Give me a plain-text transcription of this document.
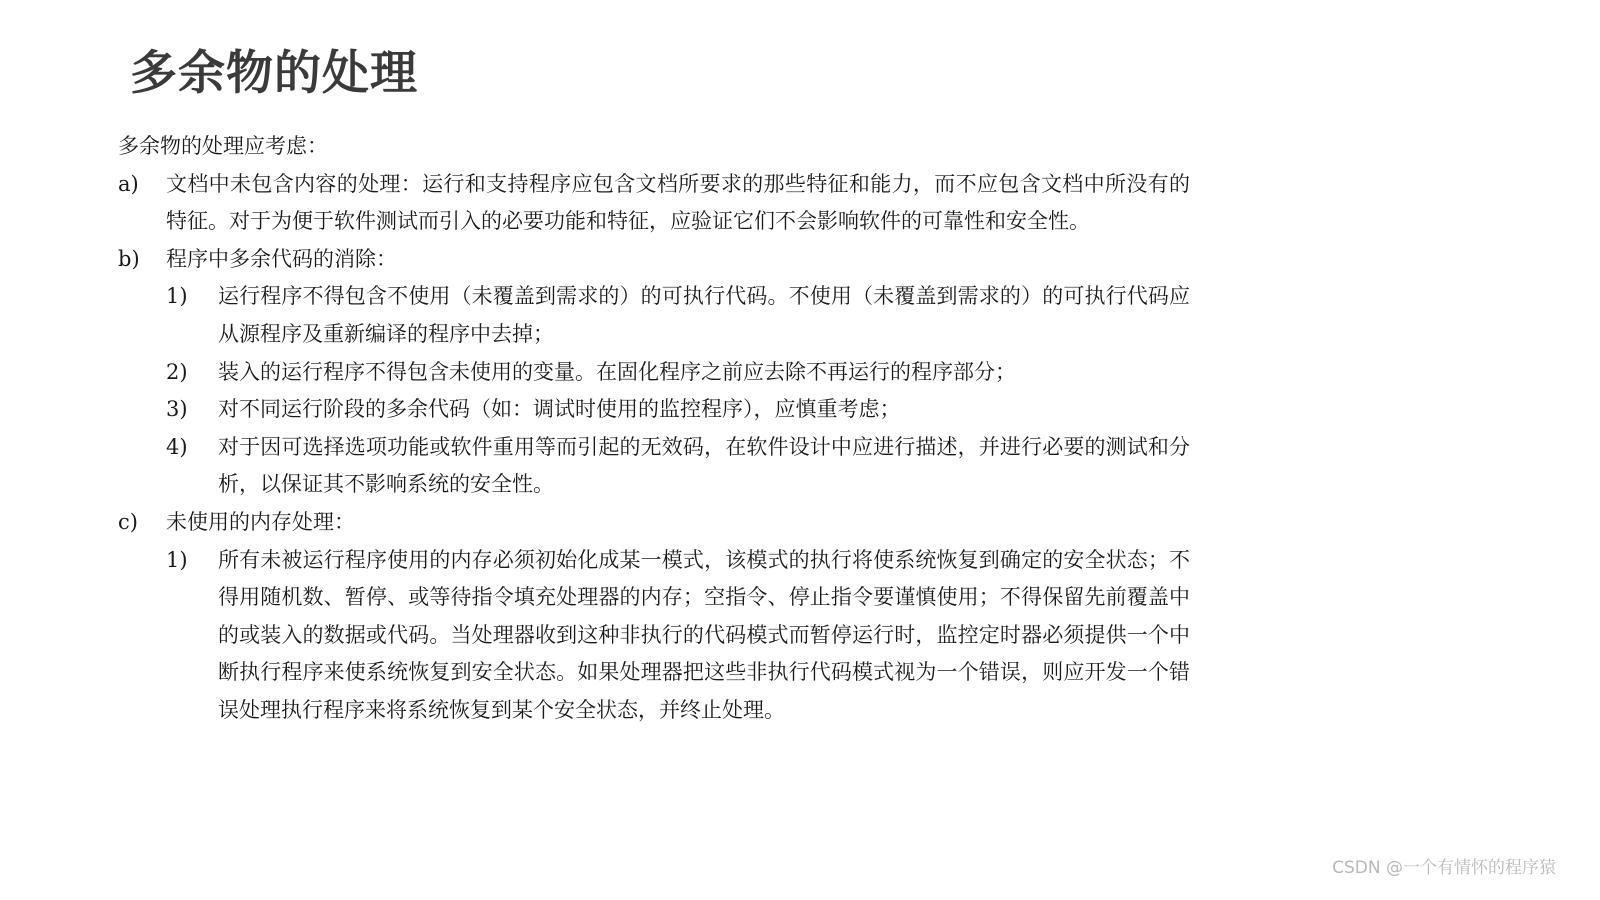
多余物的处理
多余物的处理应考虑：
a)	文档中未包含内容的处理：运行和支持程序应包含文档所要求的那些特征和能力，而不应包含文档中所没有的特征。对于为便于软件测试而引入的必要功能和特征，应验证它们不会影响软件的可靠性和安全性。
b)	程序中多余代码的消除：
1)	运行程序不得包含不使用（未覆盖到需求的）的可执行代码。不使用（未覆盖到需求的）的可执行代码应从源程序及重新编译的程序中去掉；
2)	装入的运行程序不得包含未使用的变量。在固化程序之前应去除不再运行的程序部分；
3)	对不同运行阶段的多余代码（如：调试时使用的监控程序），应慎重考虑；
4)	对于因可选择选项功能或软件重用等而引起的无效码，在软件设计中应进行描述，并进行必要的测试和分析，以保证其不影响系统的安全性。
c)	未使用的内存处理：
1)	所有未被运行程序使用的内存必须初始化成某一模式，该模式的执行将使系统恢复到确定的安全状态；不得用随机数、暂停、或等待指令填充处理器的内存；空指令、停止指令要谨慎使用；不得保留先前覆盖中的或装入的数据或代码。当处理器收到这种非执行的代码模式而暂停运行时，监控定时器必须提供一个中断执行程序来使系统恢复到安全状态。如果处理器把这些非执行代码模式视为一个错误，则应开发一个错误处理执行程序来将系统恢复到某个安全状态，并终止处理。
CSDN @一个有情怀的程序猿
